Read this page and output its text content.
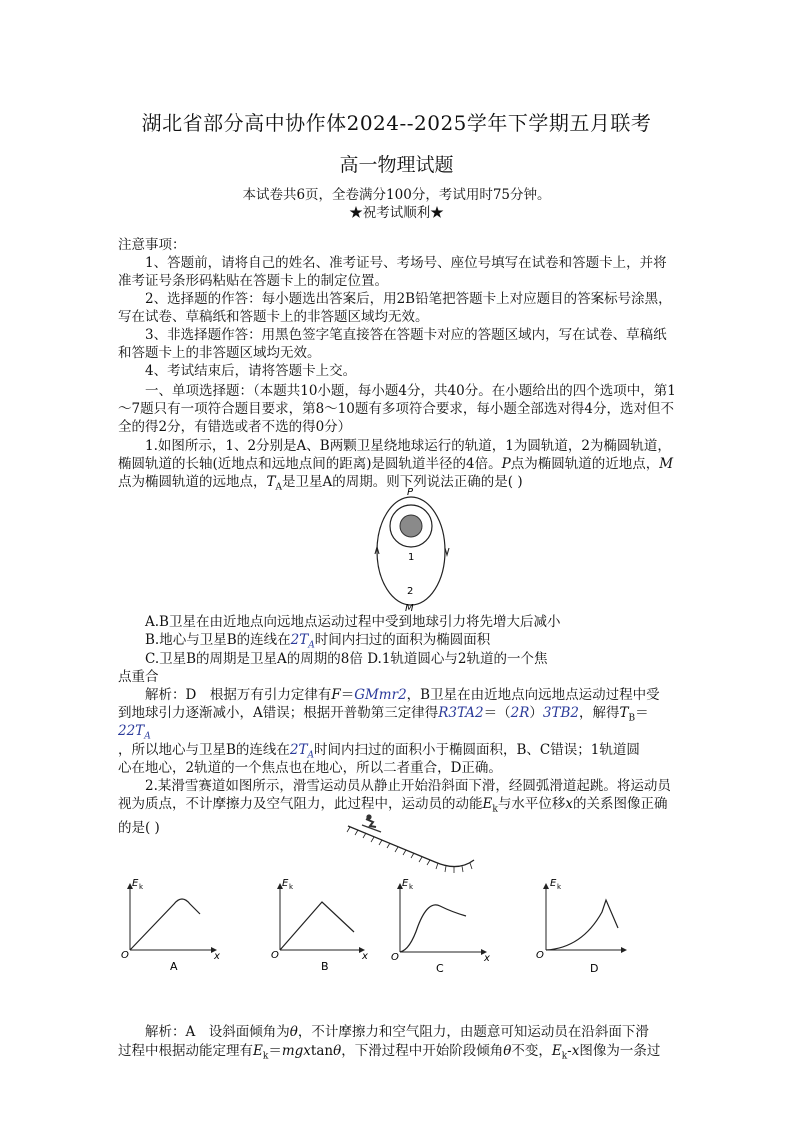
湖北省部分高中协作体2024--2025学年下学期五月联考
高一物理试题
本试卷共6页，全卷满分100分，考试用时75分钟。
★祝考试顺利★
注意事项：
1、答题前，请将自己的姓名、准考证号、考场号、座位号填写在试卷和答题卡上，并将准考证号条形码粘贴在答题卡上的制定位置。
2、选择题的作答：每小题选出答案后，用2B铅笔把答题卡上对应题目的答案标号涂黑，写在试卷、草稿纸和答题卡上的非答题区域均无效。
3、非选择题作答：用黑色签字笔直接答在答题卡对应的答题区域内，写在试卷、草稿纸和答题卡上的非答题区域均无效。
4、考试结束后，请将答题卡上交。
一、单项选择题：（本题共10小题，每小题4分，共40分。在小题给出的四个选项中，第1～7题只有一项符合题目要求，第8～10题有多项符合要求，每小题全部选对得4分，选对但不全的得2分，有错选或者不选的得0分）
1.如图所示，1、2分别是A、B两颗卫星绕地球运行的轨道，1为圆轨道，2为椭圆轨道，椭圆轨道的长轴(近地点和远地点间的距离)是圆轨道半径的4倍。P点为椭圆轨道的近地点，M点为椭圆轨道的远地点，$T_A$是卫星A的周期。则下列说法正确的是( )
P
1
2
M
A.B卫星在由近地点向远地点运动过程中受到地球引力将先增大后减小
B.地心与卫星B的连线在$2T_A$时间内扫过的面积为椭圆面积
C.卫星B的周期是卫星A的周期的8倍 D.1轨道圆心与2轨道的一个焦点重合
解析：D　根据万有引力定律有F＝GMmr2，B卫星在由近地点向远地点运动过程中受
到地球引力逐渐减小，A错误；根据开普勒第三定律得R3TA2＝（2R）3TB2，解得$T_B=$
$22T_A$
，所以地心与卫星B的连线在$2T_A$时间内扫过的面积小于椭圆面积，B、C错误；1轨道圆
心在地心，2轨道的一个焦点也在地心，所以二者重合，D正确。
2.某滑雪赛道如图所示，滑雪运动员从静止开始沿斜面下滑，经圆弧滑道起跳。将运动员视为质点，不计摩擦力及空气阻力，此过程中，运动员的动能$E_k$与水平位移x的关系图像正确的是( )
E k
O	x
A
E k
O	x
B
E k
O	x
C
E k
O
D
解析：A　设斜面倾角为θ，不计摩擦力和空气阻力，由题意可知运动员在沿斜面下滑
过程中根据动能定理有$E_k=mgxtan\theta$，下滑过程中开始阶段倾角θ不变，$E_k-x$图像为一条过
